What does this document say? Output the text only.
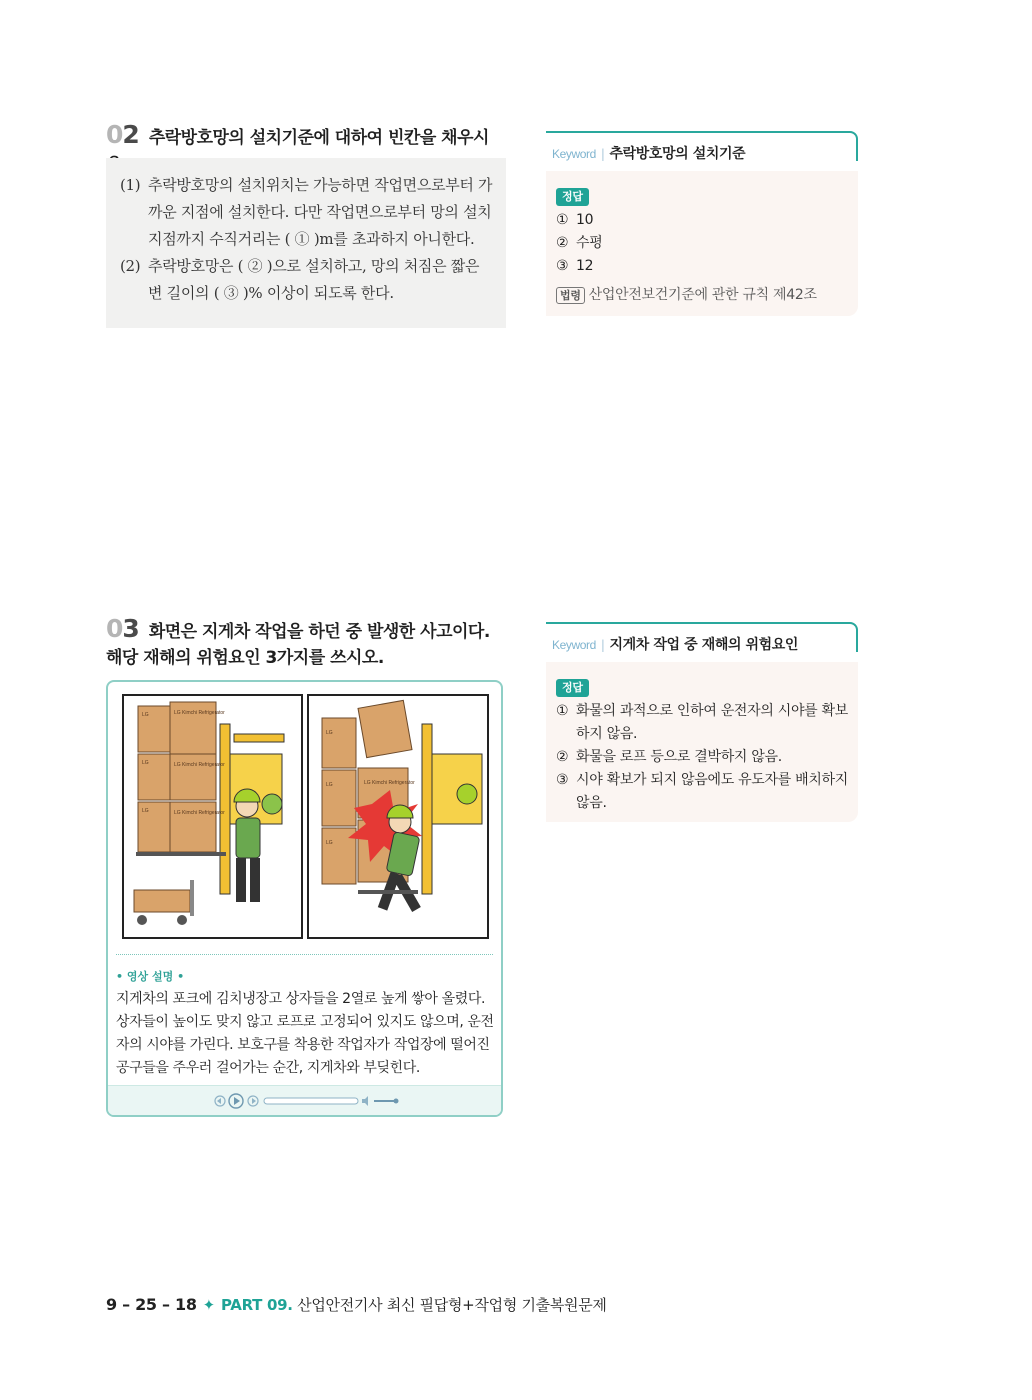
02 추락방호망의 설치기준에 대하여 빈칸을 채우시
(1) 추락방호망의 설치위치는 가능하면 작업면으로부터 가까운 지점에 설치한다. 다만 작업면으로부터 망의 설치지점까지 수직거리는 ( ① )m를 초과하지 아니한다.
(2) 추락방호망은 ( ② )으로 설치하고, 망의 처짐은 짧은 변 길이의 ( ③ )% 이상이 되도록 한다.
Keyword | 추락방호망의 설치기준
정답
① 10
② 수평
③ 12
법령 산업안전보건기준에 관한 규칙 제42조
03 화면은 지게차 작업을 하던 중 발생한 사고이다. 해당 재해의 위험요인 3가지를 쓰시오.
Keyword | 지게차 작업 중 재해의 위험요인
정답
① 화물의 과적으로 인하여 운전자의 시야를 확보하지 않음.
② 화물을 로프 등으로 결박하지 않음.
③ 시야 확보가 되지 않음에도 유도자를 배치하지 않음.
LG Kimchi Refrigerator
LG Kimchi Refrigerator
LG Kimchi Refrigerator
LG
LG
LG
LG Kimchi Refrigerator
LG
LG
LG
• 영상 설명 •
지게차의 포크에 김치냉장고 상자들을 2열로 높게 쌓아 올렸다. 상자들이 높이도 맞지 않고 로프로 고정되어 있지도 않으며, 운전자의 시야를 가린다. 보호구를 착용한 작업자가 작업장에 떨어진 공구들을 주우러 걸어가는 순간, 지게차와 부딪힌다.
9 – 25 – 18 ✦ PART 09. 산업안전기사 최신 필답형+작업형 기출복원문제
